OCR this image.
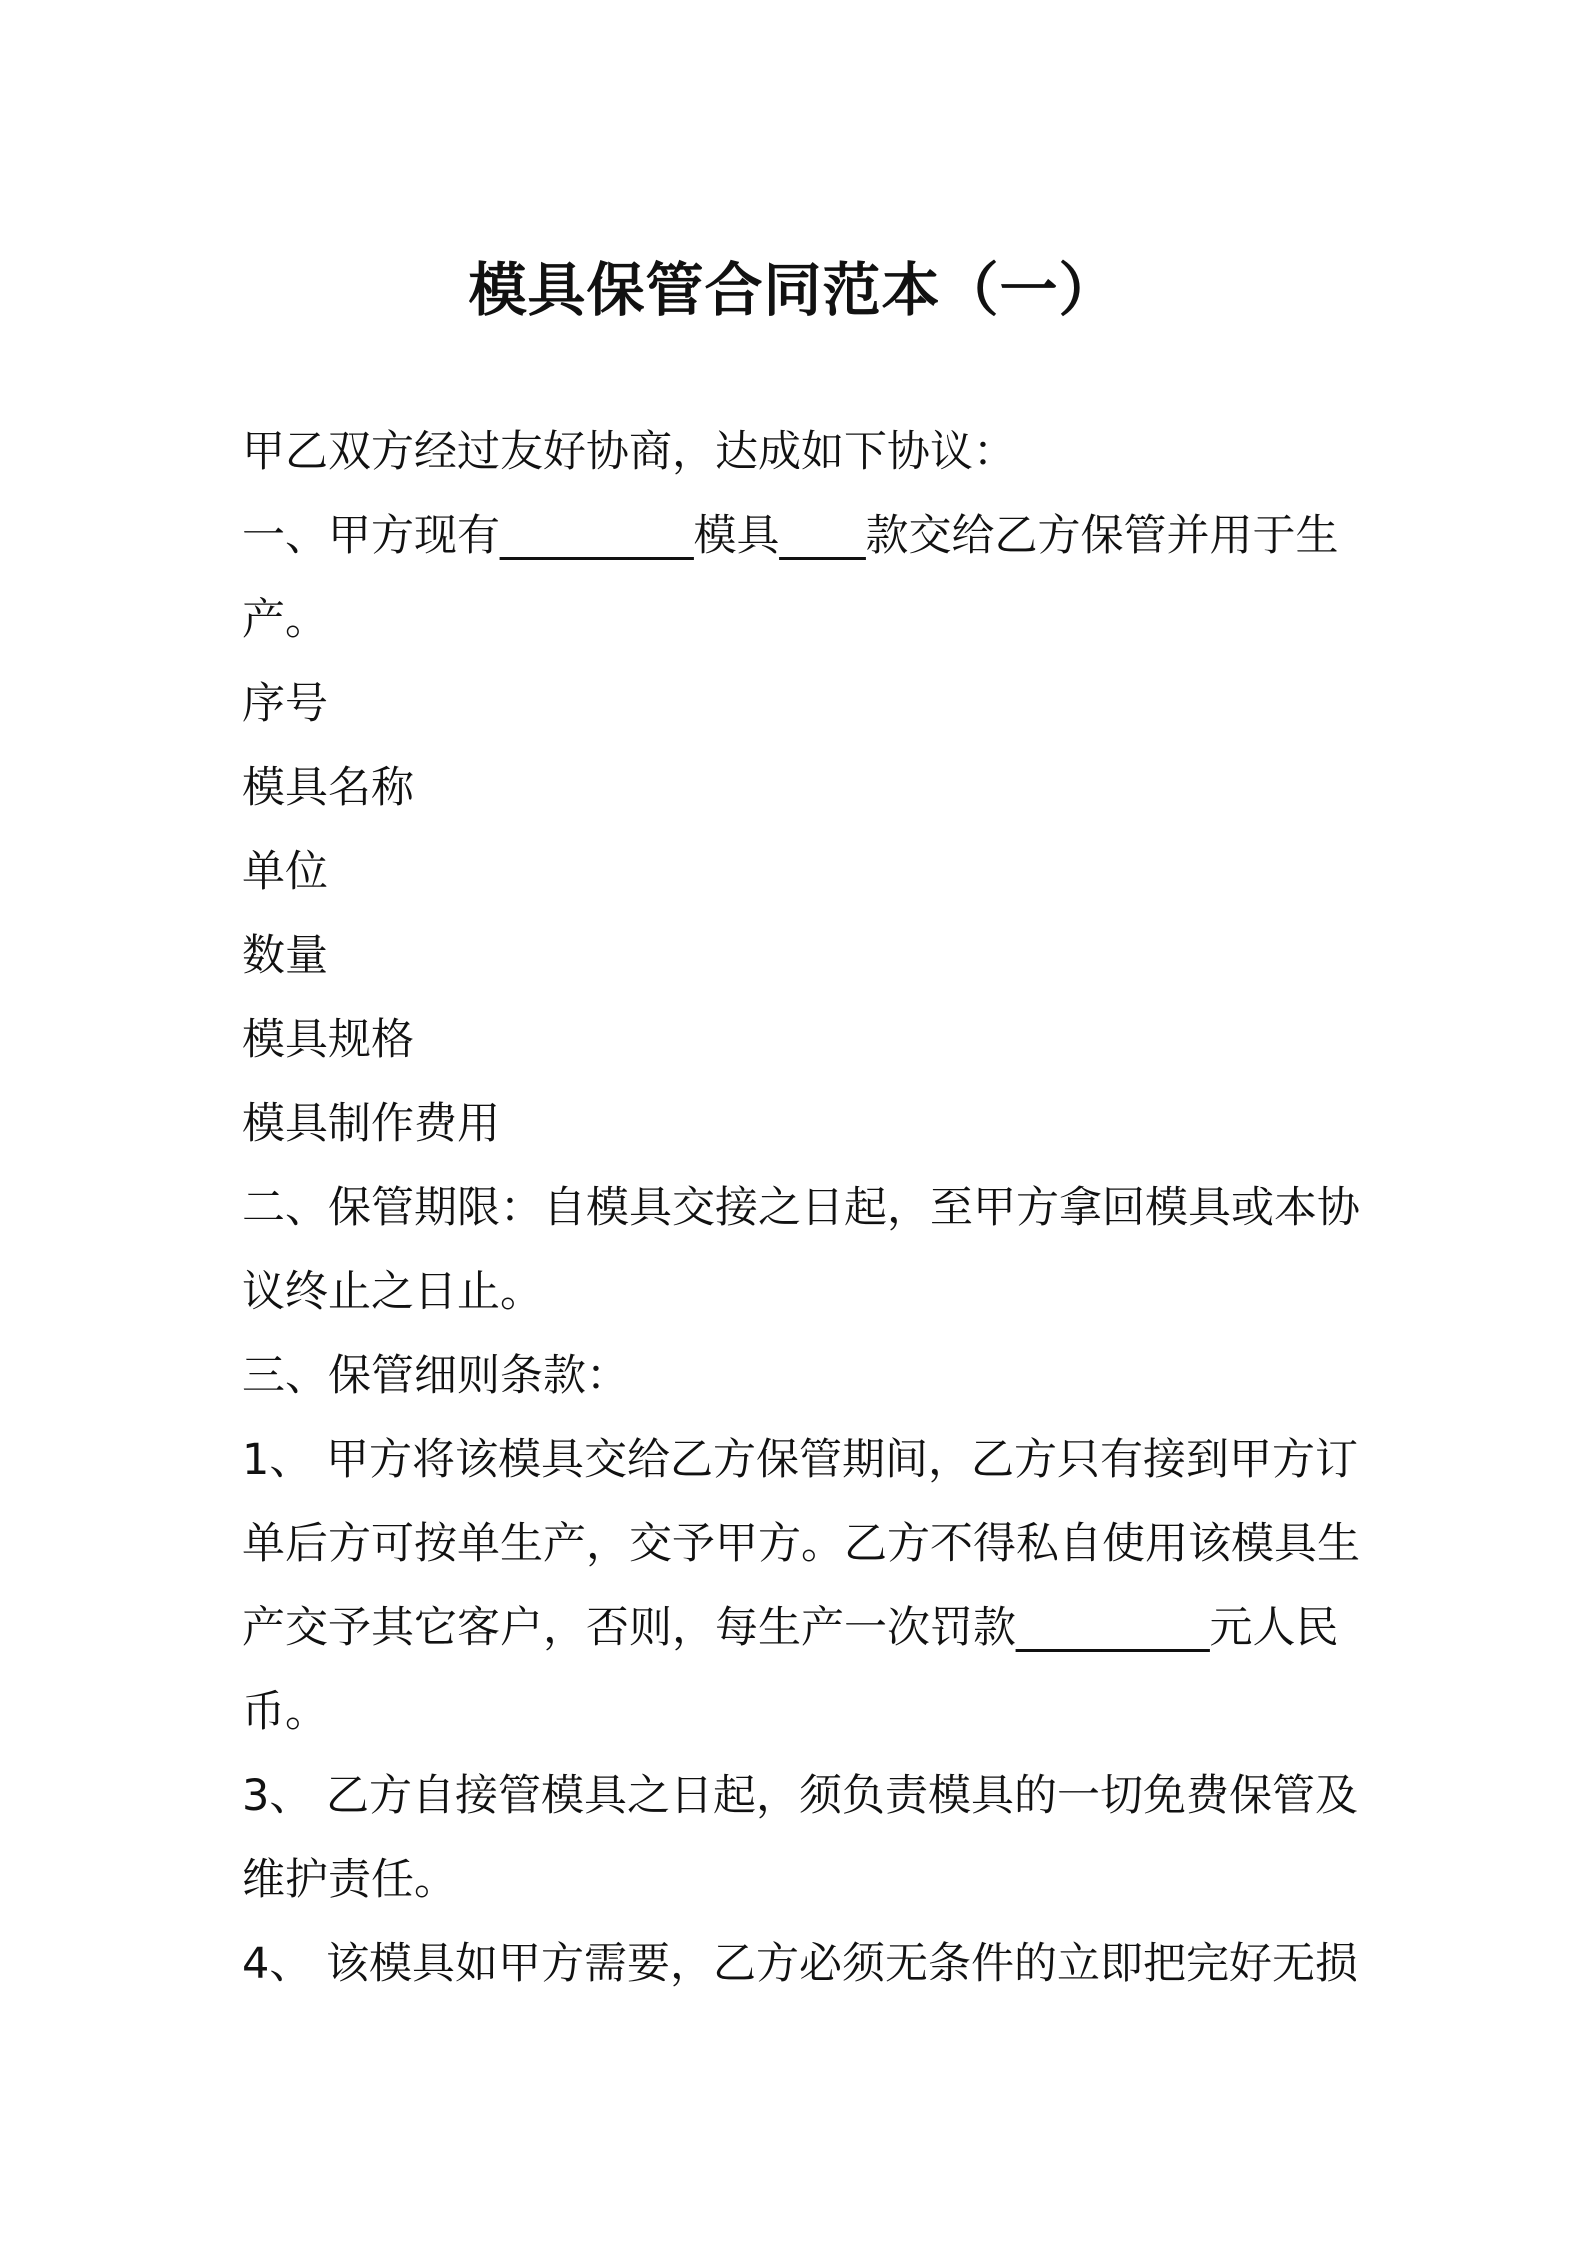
模具保管合同范本（一）
甲乙双方经过友好协商，达成如下协议：
一、甲方现有_________模具____款交给乙方保管并用于生
产。
序号
模具名称
单位
数量
模具规格
模具制作费用
二、保管期限：自模具交接之日起，至甲方拿回模具或本协
议终止之日止。
三、保管细则条款：
1、 甲方将该模具交给乙方保管期间，乙方只有接到甲方订
单后方可按单生产，交予甲方。乙方不得私自使用该模具生
产交予其它客户，否则，每生产一次罚款_________元人民
币。
3、 乙方自接管模具之日起，须负责模具的一切免费保管及
维护责任。
4、 该模具如甲方需要，乙方必须无条件的立即把完好无损
